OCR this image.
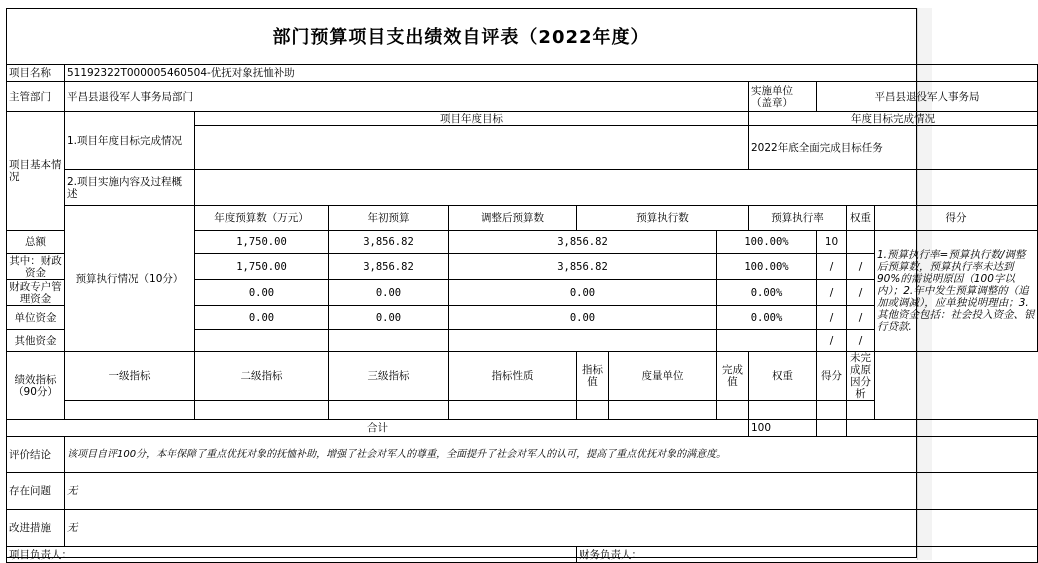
部门预算项目支出绩效自评表（2022年度）
项目名称	51192322T000005460504-优抚对象抚恤补助											
主管部门	平昌县退役军人事务局部门							实施单位
（盖章）	平昌县退役军人事务局			
项目基本情况	1.项目年度目标完成情况	项目年度目标						年度目标完成情况				
								2022年底全面完成目标任务				
	2.项目实施内容及过程概述											
	预算执行情况（10分）	年度预算数（万元）	年初预算	调整后预算数	预算执行数			预算执行率		权重	得分	
总额		1,750.00	3,856.82	3,856.82			100.00%		10		1.预算执行率=预算执行数/调整后预算数，预算执行率未达到90%的需说明原因（100字以内）；2.年中发生预算调整的（追加或调减），应单独说明理由；3.其他资金包括：社会投入资金、银行贷款.	
其中：财政资金		1,750.00	3,856.82	3,856.82			100.00%		/	/		
财政专户管理资金		0.00	0.00	0.00			0.00%		/	/		
单位资金		0.00	0.00	0.00			0.00%		/	/		
其他资金									/	/		
绩效指标（90分）	一级指标	二级指标	三级指标	指标性质	指标值	度量单位	完成值	权重	得分	未完成原因分析		

合计								100				
评价结论	该项目自评100分，本年保障了重点优抚对象的抚恤补助，增强了社会对军人的尊重，全面提升了社会对军人的认可，提高了重点优抚对象的满意度。											
存在问题	无											
改进措施	无											
项目负责人：					财务负责人：							
